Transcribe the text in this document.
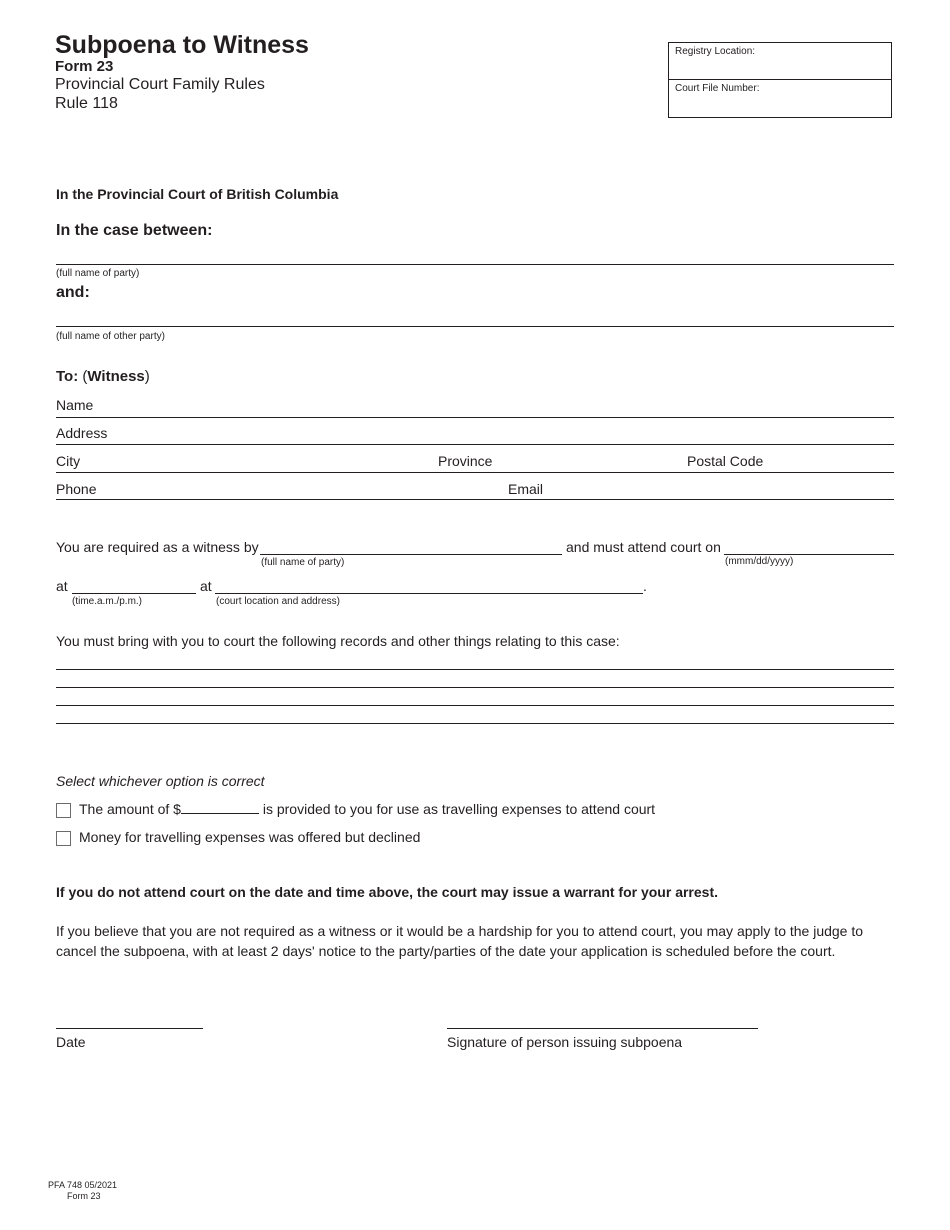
Subpoena to Witness
Form 23
Provincial Court Family Rules
Rule 118
Registry Location:
Court File Number:
In the Provincial Court of British Columbia
In the case between:
(full name of party)
and:
(full name of other party)
To: (Witness)
Name
Address
City	Province	Postal Code
Phone	Email
You are required as a witness by
(full name of party)
and must attend court on
(mmm/dd/yyyy)
at
(time.a.m./p.m.)
at	.
(court location and address)
You must bring with you to court the following records and other things relating to this case:
Select whichever option is correct
The amount of $	is provided to you for use as travelling expenses to attend court
Money for travelling expenses was offered but declined
If you do not attend court on the date and time above, the court may issue a warrant for your arrest.
If you believe that you are not required as a witness or it would be a hardship for you to attend court, you may apply to the judge to cancel the subpoena, with at least 2 days' notice to the party/parties of the date your application is scheduled before the court.
Date	Signature of person issuing subpoena
PFA 748 05/2021
Form 23
